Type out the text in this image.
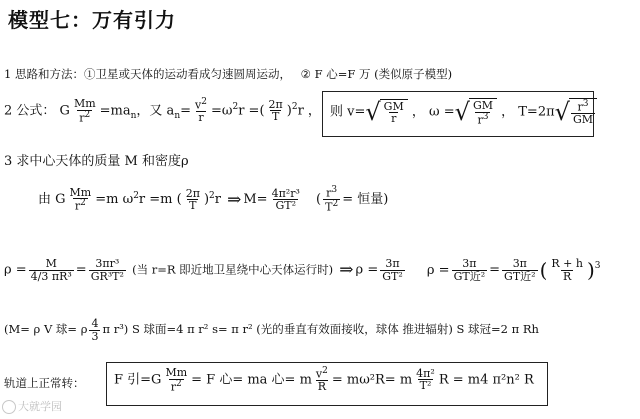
模型七：万有引力
1 思路和方法：①卫星或天体的运动看成匀速圆周运动， ② F 心=F 万 (类似原子模型)
2 公式： G $\frac{Mm}{r^2} =ma_n$，又 $a_n= \frac{v^2}{r} =\omega^2r$ =( $\frac{2\pi}{T} )^2r$ ， 则 v= √ $\frac{GM}{r}$ ， ω = √ $\frac{GM}{r^3}$ ， T=2π √ $\frac{r^3}{GM}$
3 求中心天体的质量 M 和密度ρ
由 G $\frac{Mm}{r^2} =m$ $\omega^2r =m$ ( $\frac{2\pi}{T} )^2r$ ⇒ $M= \frac{\text{4π²r³}}{\text{GT²}}$ ( $\frac{r^3}{T^2}$ = 恒量)
$\rho = \frac{M}{\text{4/3 πR³}} = \frac{\text{3πr³}}{\text{GR³T²}}$ (当 r=R 即近地卫星绕中心天体运行时) ⇒ $\rho = \frac{3\pi}{\text{GT²}}$ $\rho = \frac{3\pi}{\text{GT近²}} = \frac{3\pi}{\text{GT近²}}$ ( $\frac{R + h}{R} )^3$
(M= ρ V 球= ρ $\frac{4}{3}$ π r³) S 球面=4 π r² s= π r² (光的垂直有效面接收，球体 推进辐射) S 球冠=2 π Rh
轨道上正常转： F 引$=G \frac{Mm}{r^2} = F$ 心= ma 心= m $\frac{v^2}{R} = m\omega^2R= m \frac{\text{4π²}}{\text{T²}}$ R = m4 π²n² R
大就学园
